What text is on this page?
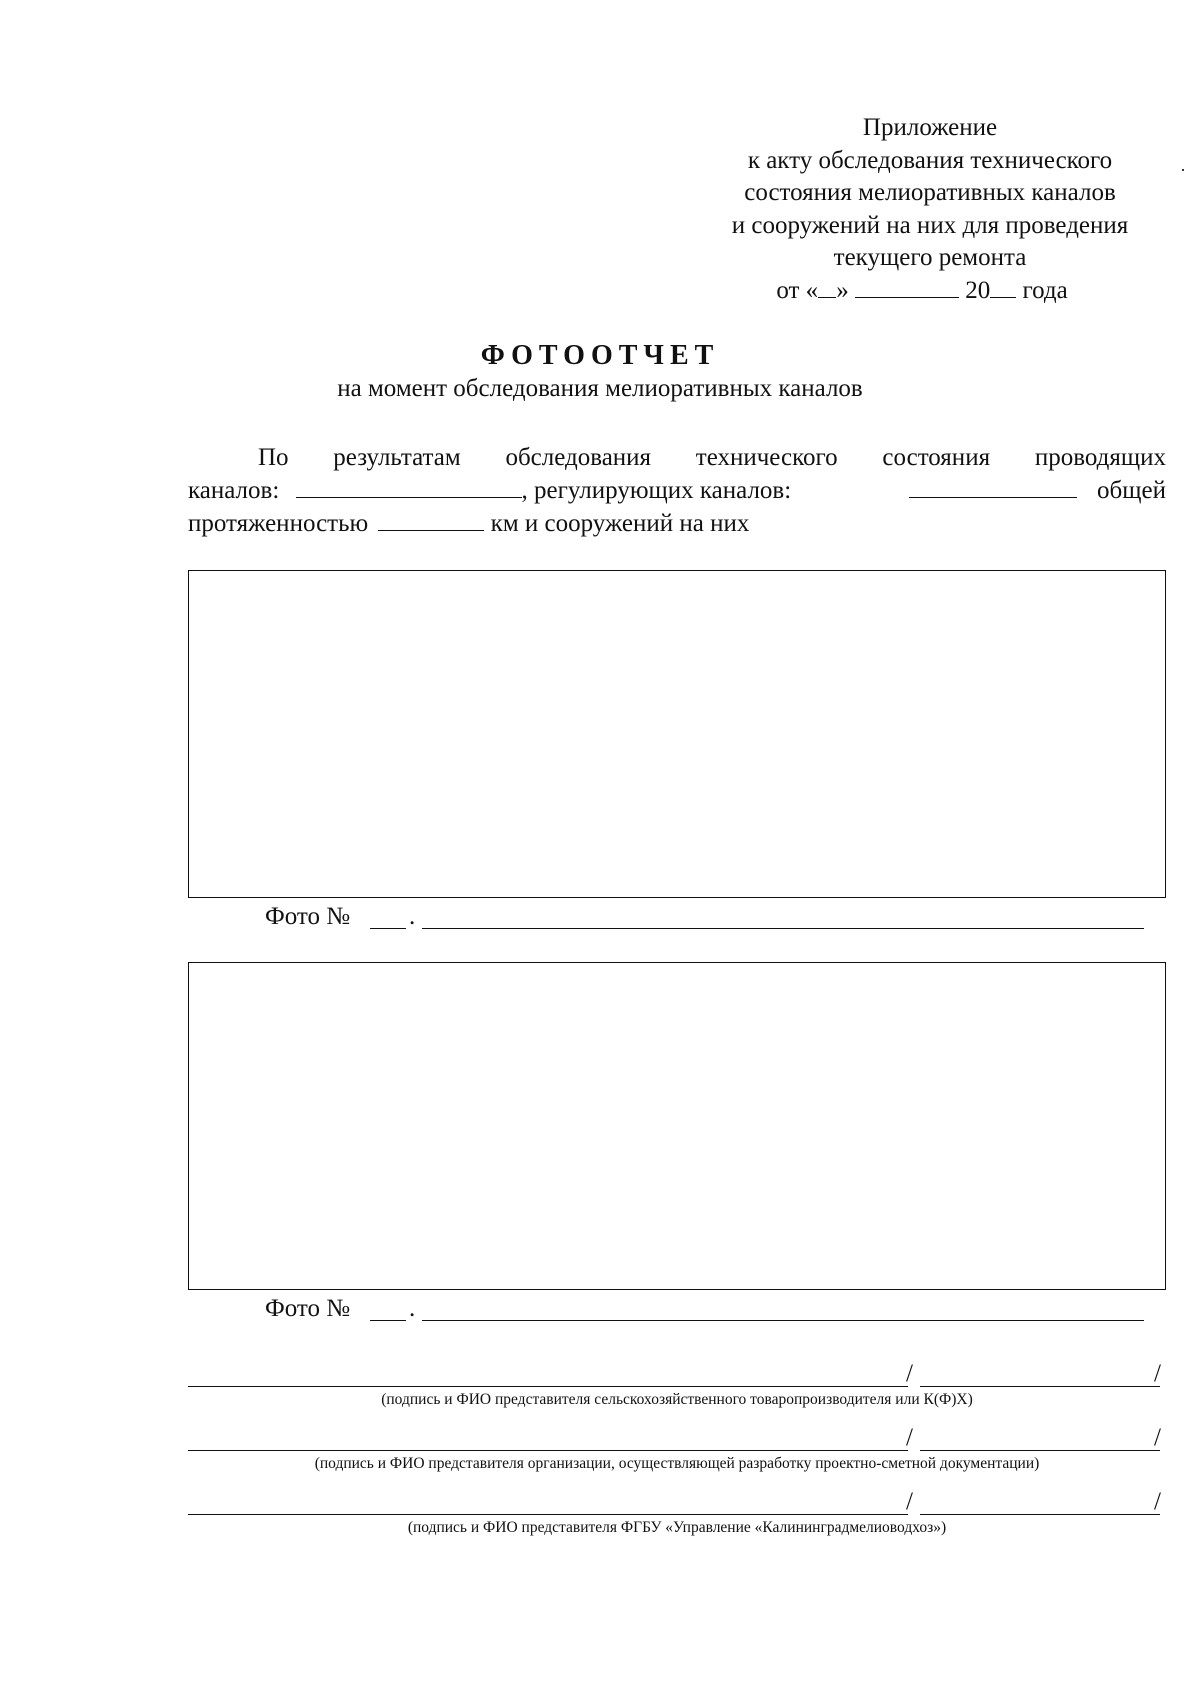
Приложение
к акту обследования технического
состояния мелиоративных каналов
и сооружений на них для проведения
текущего ремонта
от « »	20 года
·
ФОТООТЧЕТ
на момент обследования мелиоративных каналов
По результатам обследования технического состояния проводящих
каналов:	, регулирующих каналов:	общей
протяженностью	км и сооружений на них
Фото № .
Фото № .
/	/
(подпись и ФИО представителя сельскохозяйственного товаропроизводителя или К(Ф)Х)
/	/
(подпись и ФИО представителя организации, осуществляющей разработку проектно-сметной документации)
/	/
(подпись и ФИО представителя ФГБУ «Управление «Калининградмелиоводхоз»)
